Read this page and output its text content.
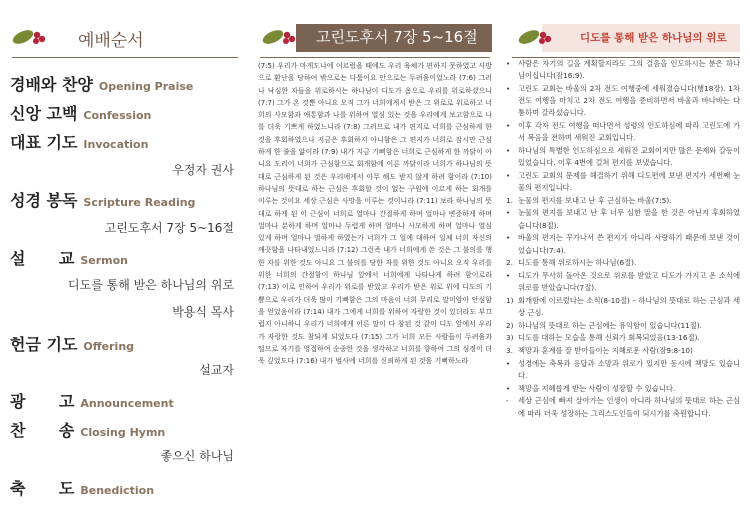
예배순서
경배와 찬양 Opening Praise
신앙 고백 Confession
대표 기도 Invocation
우정자 권사
성경 봉독 Scripture Reading
고린도후서 7장 5~16절
설      교 Sermon
디도를 통해 받은 하나님의 위로
박용식 목사
헌금 기도 Offering
설교자
광      고 Announcement
찬      송 Closing Hymn
좋으신 하나님
축      도 Benediction
고린도후서 7장 5~16절
(7:5) 우리가 마게도냐에 이르렀을 때에도 우리 육체가 편하지 못하였고 사방으로 환난을 당하여 밖으로는 다툼이요 안으로는 두려움이었노라 (7:6) 그러나 낙심한 자들을 위로하시는 하나님이 디도가 옴으로 우리를 위로하셨으니 (7:7) 그가 온 것뿐 아니요 오직 그가 너희에게서 받은 그 위로로 위로하고 너희의 사모함과 애통함과 나를 위하여 열심 있는 것을 우리에게 보고함으로 나를 더욱 기쁘게 하였느니라 (7:8) 그러므로 내가 편지로 너희를 근심하게 한 것을 후회하였으나 지금은 후회하지 아니함은 그 편지가 너희로 잠시만 근심하게 한 줄을 앎이라 (7:9) 내가 지금 기뻐함은 너희로 근심하게 한 까닭이 아니요 도리어 너희가 근심함으로 회개함에 이른 까닭이라 너희가 하나님의 뜻대로 근심하게 된 것은 우리에게서 아무 해도 받지 않게 하려 함이라 (7:10) 하나님의 뜻대로 하는 근심은 후회할 것이 없는 구원에 이르게 하는 회개를 이루는 것이요 세상 근심은 사망을 이루는 것이니라 (7:11) 보라 하나님의 뜻대로 하게 된 이 근심이 너희로 얼마나 간절하게 하며 얼마나 변증하게 하며 얼마나 분하게 하며 얼마나 두렵게 하며 얼마나 사모하게 하며 얼마나 열심 있게 하며 얼마나 벌하게 하였는가 너희가 그 일에 대하여 일체 너희 자신의 깨끗함을 나타내었느니라 (7:12) 그런즉 내가 너희에게 쓴 것은 그 불의를 행한 자를 위한 것도 아니요 그 불의를 당한 자를 위한 것도 아니요 오직 우리를 위한 너희의 간절함이 하나님 앞에서 너희에게 나타나게 하려 함이로라 (7:13) 이로 인하여 우리가 위로를 받았고 우리가 받은 위로 위에 디도의 기쁨으로 우리가 더욱 많이 기뻐함은 그의 마음이 너희 무리로 말미암아 안심함을 얻었음이라 (7:14) 내가 그에게 너희를 위하여 자랑한 것이 있더라도 부끄럽지 아니하니 우리가 너희에게 이른 말이 다 참된 것 같이 디도 앞에서 우리가 자랑한 것도 참되게 되었도다 (7:15) 그가 너희 모든 사람들이 두려움과 떨므로 자기를 영접하여 순종한 것을 생각하고 너희를 향하여 그의 심정이 더욱 깊었도다 (7:16) 내가 범사에 너희를 신뢰하게 된 것을 기뻐하노라
디도를 통해 받은 하나님의 위로
• 사람은 자기의 길을 계획할지라도 그의 걸음을 인도하시는 분은 하나님이십니다(잠16:9).
• 고린도 교회는 바울의 2차 전도 여행중에 세워졌습니다(행18장). 1차 전도 여행을 마치고 2차 전도 여행을 준비하면서 바울과 바나바는 다툼하며 갈라섰습니다.
• 이후 각자 전도 여행을 떠나면서 성령의 인도하심에 따라 고린도에 가서 복음을 전하며 세워진 교회입니다.
• 하나님의 특별한 인도하심으로 세워진 교회이지만 많은 문제와 갈등이 있었습니다. 이후 4번에 걸쳐 편지를 보냈습니다.
• 고린도 교회의 문제를 해결하기 위해 디도편에 보낸 편지가 세번째 눈물의 편지입니다.
1. 눈물의 편지를 보내고 난 후 근심하는 바울(7:5).
• 눈물의 편지를 보내고 난 후 너무 심한 말을 한 것은 아닌지 후회하였습니다(8절).
• 바울의 편지는 꾸가나서 쓴 편지가 아니라 사랑하기 때문에 보낸 것이었습니다(7:4).
2. 디도를 통해 위로하시는 하나님(6절).
• 디도가 무사히 돌아온 것으로 위로를 받았고 디도가 가지고 온 소식에 위로를 받았습니다(7절).
1) 회개함에 이르렀다는 소식(8-10절) – 하나님의 뜻대로 하는 근심과 세상 근심.
2) 하나님의 뜻대로 하는 근심에는 유익함이 있습니다(11절).
3) 디도를 대하는 모습을 통해 신뢰가 회복되었음(13-16절).
3. 책망과 훈계를 잘 받아들이는 지혜로운 사람(잠9:8-10)
• 성경에는 축복과 응답과 소망과 위로가 있지만 동시에 책망도 있습니다.
• 책망을 지혜롭게 받는 사람이 성장할 수 있습니다.
- 세상 근심에 빠져 살아가는 인생이 아니라 하나님의 뜻대로 하는 근심에 따라 더욱 성장하는 그리스도인들이 되시기를 축원합니다.
